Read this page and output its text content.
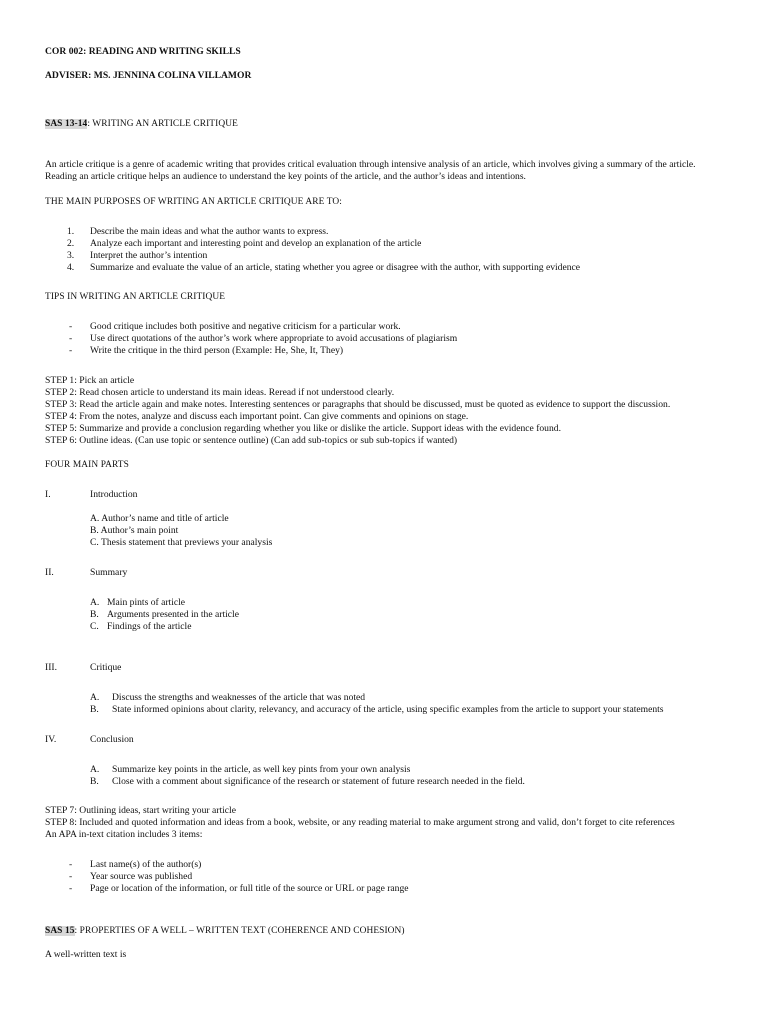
COR 002: READING AND WRITING SKILLS
ADVISER: MS. JENNINA COLINA VILLAMOR
SAS 13-14: WRITING AN ARTICLE CRITIQUE
An article critique is a genre of academic writing that provides critical evaluation through intensive analysis of an article, which involves giving a summary of the article. Reading an article critique helps an audience to understand the key points of the article, and the author’s ideas and intentions.
THE MAIN PURPOSES OF WRITING AN ARTICLE CRITIQUE ARE TO:
1. Describe the main ideas and what the author wants to express.
2. Analyze each important and interesting point and develop an explanation of the article
3. Interpret the author’s intention
4. Summarize and evaluate the value of an article, stating whether you agree or disagree with the author, with supporting evidence
TIPS IN WRITING AN ARTICLE CRITIQUE
- Good critique includes both positive and negative criticism for a particular work.
- Use direct quotations of the author’s work where appropriate to avoid accusations of plagiarism
- Write the critique in the third person (Example: He, She, It, They)
STEP 1: Pick an article
STEP 2: Read chosen article to understand its main ideas. Reread if not understood clearly.
STEP 3: Read the article again and make notes. Interesting sentences or paragraphs that should be discussed, must be quoted as evidence to support the discussion.
STEP 4: From the notes, analyze and discuss each important point. Can give comments and opinions on stage.
STEP 5: Summarize and provide a conclusion regarding whether you like or dislike the article. Support ideas with the evidence found.
STEP 6: Outline ideas. (Can use topic or sentence outline) (Can add sub-topics or sub sub-topics if wanted)
FOUR MAIN PARTS
I.	Introduction
A. Author’s name and title of article
B. Author’s main point
C. Thesis statement that previews your analysis
II.	Summary
A. Main pints of article
B. Arguments presented in the article
C. Findings of the article
III.	Critique
A. Discuss the strengths and weaknesses of the article that was noted
B. State informed opinions about clarity, relevancy, and accuracy of the article, using specific examples from the article to support your statements
IV.	Conclusion
A. Summarize key points in the article, as well key pints from your own analysis
B. Close with a comment about significance of the research or statement of future research needed in the field.
STEP 7: Outlining ideas, start writing your article
STEP 8: Included and quoted information and ideas from a book, website, or any reading material to make argument strong and valid, don’t forget to cite references
An APA in-text citation includes 3 items:
- Last name(s) of the author(s)
- Year source was published
- Page or location of the information, or full title of the source or URL or page range
SAS 15: PROPERTIES OF A WELL – WRITTEN TEXT (COHERENCE AND COHESION)
A well-written text is
